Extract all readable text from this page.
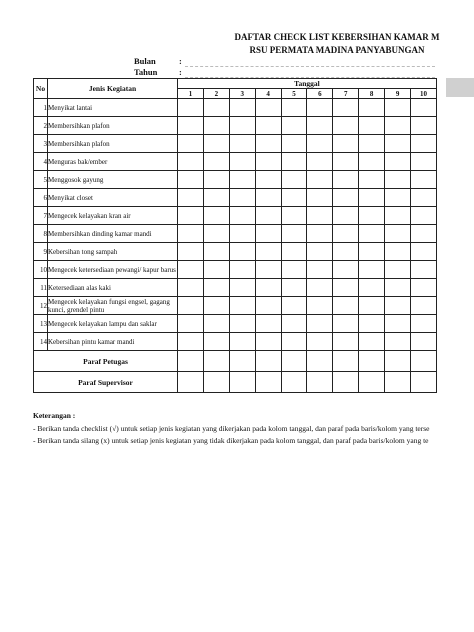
DAFTAR CHECK LIST KEBERSIHAN KAMAR M
RSU PERMATA MADINA PANYABUNGAN
Bulan	:
Tahun	:
No	Jenis Kegiatan	Tanggal									
		1	2	3	4	5	6	7	8	9	10
1	Menyikat lantai										
2	Membersihkan plafon										
3	Membersihkan plafon										
4	Menguras bak/ember										
5	Menggosok gayung										
6	Menyikat closet										
7	Mengecek kelayakan kran air										
8	Membersihkan dinding kamar mandi										
9	Kebersihan tong sampah										
10	Mengecek ketersediaan pewangi/ kapur barus										
11	Ketersediaan alas kaki										
12	Mengecek kelayakan fungsi engsel, gagang kunci, grendel pintu										
13	Mengecek kelayakan lampu dan saklar										
14	Kebersihan pintu kamar mandi										
Paraf Petugas											
Paraf Supervisor											
Keterangan :
- Berikan tanda checklist (√) untuk setiap jenis kegiatan yang dikerjakan pada kolom tanggal, dan paraf pada baris/kolom yang terse
- Berikan tanda silang (x) untuk setiap jenis kegiatan yang tidak dikerjakan pada kolom tanggal, dan paraf pada baris/kolom yang te
